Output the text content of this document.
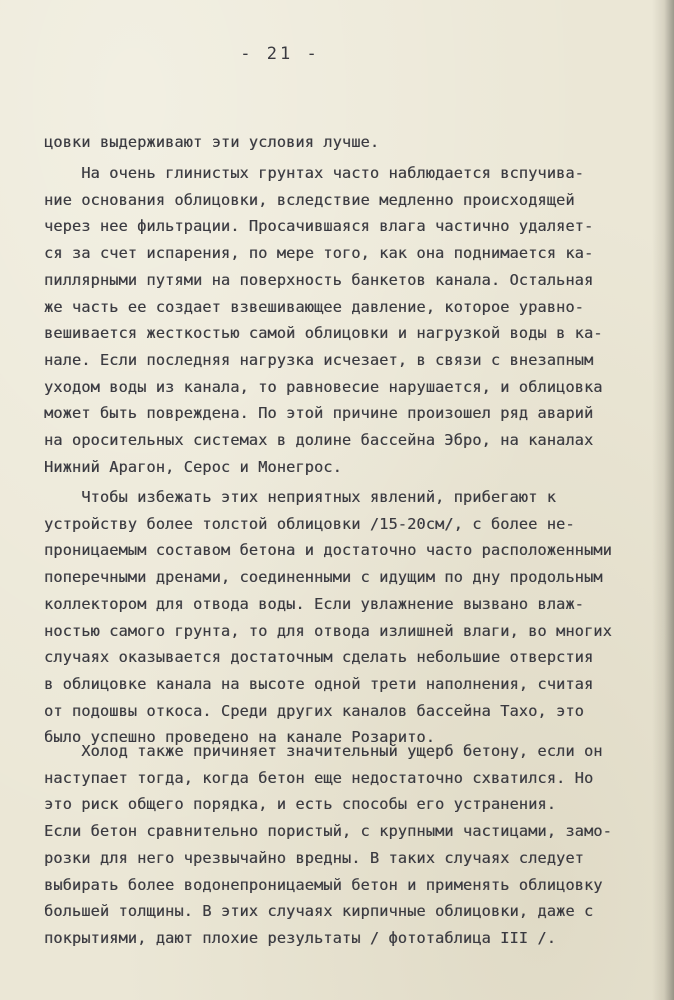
- 21 -
цовки выдерживают эти условия лучше.
На очень глинистых грунтах часто наблюдается вспучива-
ние основания облицовки, вследствие медленно происходящей
через нее фильтрации. Просачившаяся влага частично удаляет-
ся за счет испарения, по мере того, как она поднимается ка-
пиллярными путями на поверхность банкетов канала. Остальная
же часть ее создает взвешивающее давление, которое уравно-
вешивается жесткостью самой облицовки и нагрузкой воды в ка-
нале. Если последняя нагрузка исчезает, в связи с внезапным
уходом воды из канала, то равновесие нарушается, и облицовка
может быть повреждена. По этой причине произошел ряд аварий
на оросительных системах в долине бассейна Эбро, на каналах
Нижний Арагон, Серос и Монегрос.
Чтобы избежать этих неприятных явлений, прибегают к
устройству более толстой облицовки /15-20см/, с более не-
проницаемым составом бетона и достаточно часто расположенными
поперечными дренами, соединенными с идущим по дну продольным
коллектором для отвода воды. Если увлажнение вызвано влаж-
ностью самого грунта, то для отвода излишней влаги, во многих
случаях оказывается достаточным сделать небольшие отверстия
в облицовке канала на высоте одной трети наполнения, считая
от подошвы откоса. Среди других каналов бассейна Тахо, это
было успешно проведено на канале Розарито.
Холод также причиняет значительный ущерб бетону, если он
наступает тогда, когда бетон еще недостаточно схватился. Но
это риск общего порядка, и есть способы его устранения.
Если бетон сравнительно пористый, с крупными частицами, замо-
розки для него чрезвычайно вредны. В таких случаях следует
выбирать более водонепроницаемый бетон и применять облицовку
большей толщины. В этих случаях кирпичные облицовки, даже с
покрытиями, дают плохие результаты / фототаблица III /.
